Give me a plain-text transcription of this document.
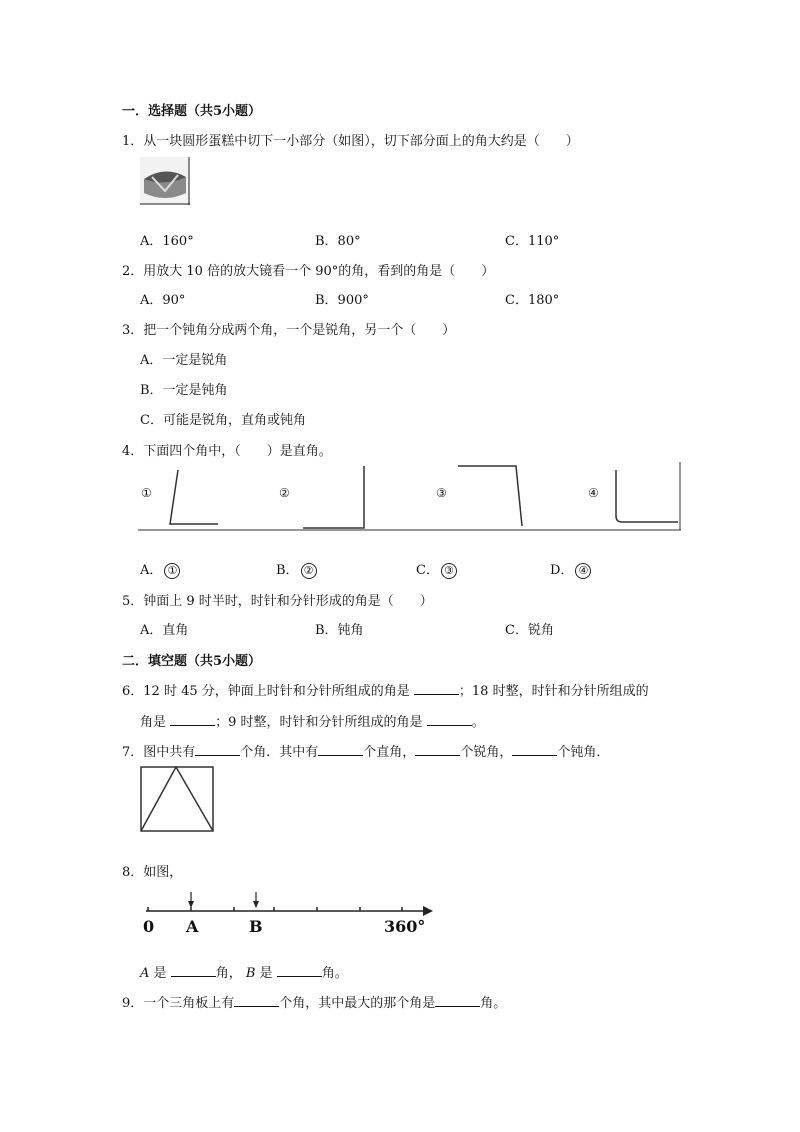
一．选择题（共5小题）
1．从一块圆形蛋糕中切下一小部分（如图），切下部分面上的角大约是（　　）
A．160°	B．80°	C．110°
2．用放大 10 倍的放大镜看一个 90°的角，看到的角是（　　）
A．90°	B．900°	C．180°
3．把一个钝角分成两个角，一个是锐角，另一个（　　）
A．一定是锐角
B．一定是钝角
C．可能是锐角，直角或钝角
4．下面四个角中，（　　）是直角。
①	②	③	④
A． ①	B． ②	C． ③	D． ④
5．钟面上 9 时半时，时针和分针形成的角是（　　）
A．直角	B．钝角	C．锐角
二．填空题（共5小题）
6．12 时 45 分，钟面上时针和分针所组成的角是	；18 时整，时针和分针所组成的
角是	；9 时整，时针和分针所组成的角是	。
7．图中共有	个角．其中有	个直角，	个锐角，	个钝角．
8．如图，
0 A	B	360°
A 是	角， B 是	角。
9．一个三角板上有	个角，其中最大的那个角是	角。
